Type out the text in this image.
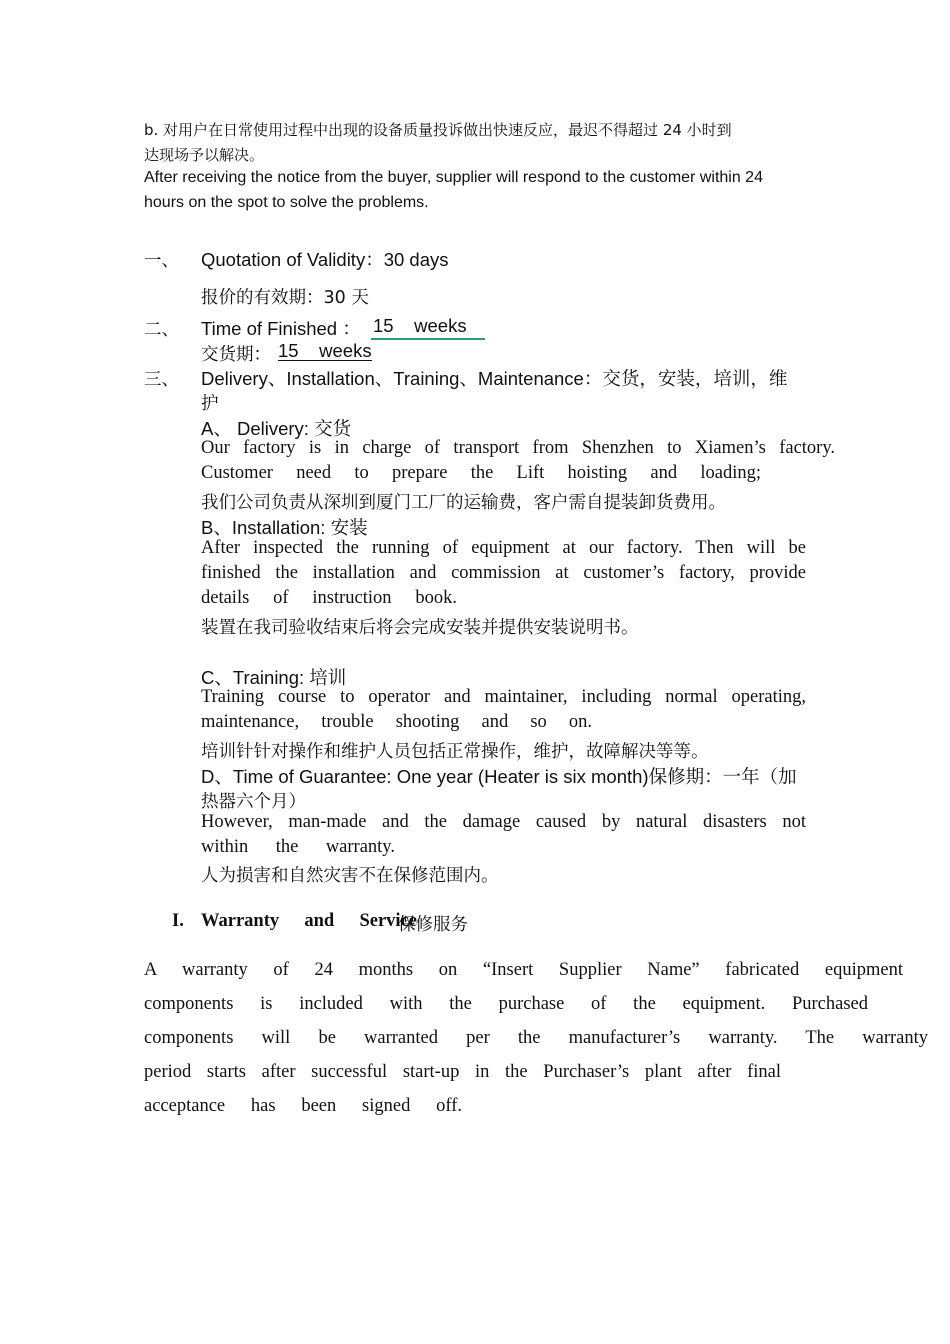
b. 对用户在日常使用过程中出现的设备质量投诉做出快速反应，最迟不得超过 24 小时到
达现场予以解决。
After receiving the notice from the buyer, supplier will respond to the customer within 24
hours on the spot to solve the problems.
一、 Quotation of Validity：30 days
报价的有效期：30 天
二、 Time of Finished ： 15    weeks
交货期： 15    weeks
三、 Delivery、Installation、Training、Maintenance：交货，安装，培训，维
护
A、 Delivery: 交货
Our factory is in charge of transport from Shenzhen to Xiamen’s factory.
Customer need to prepare the Lift hoisting and loading;
我们公司负责从深圳到厦门工厂的运输费，客户需自提装卸货费用。
B、Installation: 安装
After inspected the running of equipment at our factory. Then will be
finished the installation and commission at customer’s factory, provide
details of instruction book.
装置在我司验收结束后将会完成安装并提供安装说明书。
C、Training: 培训
Training course to operator and maintainer, including normal operating,
maintenance, trouble shooting and so on.
培训针针对操作和维护人员包括正常操作，维护，故障解决等等。
D、Time of Guarantee: One year (Heater is six month)保修期：一年（加
热器六个月）
However, man-made and the damage caused by natural disasters not
within the warranty.
人为损害和自然灾害不在保修范围内。
I. Warranty and Service
保修服务
A warranty of 24 months on “Insert Supplier Name” fabricated equipment
components is included with the purchase of the equipment. Purchased
components will be warranted per the manufacturer’s warranty. The warranty
period starts after successful start-up in the Purchaser’s plant after final
acceptance has been signed off.
